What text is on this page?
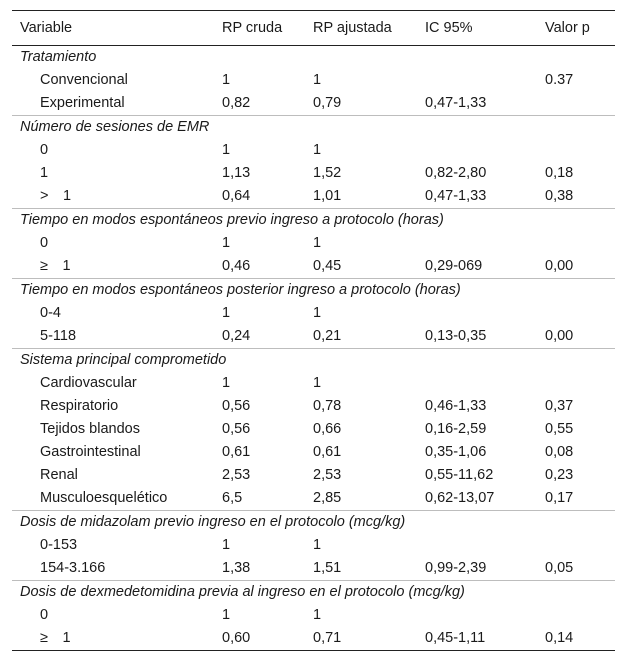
Variable	RP cruda	RP ajustada	IC 95%	Valor p
Tratamiento				
Convencional	1	1		0.37
Experimental	0,82	0,79	0,47-1,33	
Número de sesiones de EMR				
0	1	1		
1	1,13	1,52	0,82-2,80	0,18
> 1	0,64	1,01	0,47-1,33	0,38
Tiempo en modos espontáneos previo ingreso a protocolo (horas)				
0	1	1		
≥ 1	0,46	0,45	0,29-069	0,00
Tiempo en modos espontáneos posterior ingreso a protocolo (horas)				
0-4	1	1		
5-118	0,24	0,21	0,13-0,35	0,00
Sistema principal comprometido				
Cardiovascular	1	1		
Respiratorio	0,56	0,78	0,46-1,33	0,37
Tejidos blandos	0,56	0,66	0,16-2,59	0,55
Gastrointestinal	0,61	0,61	0,35-1,06	0,08
Renal	2,53	2,53	0,55-11,62	0,23
Musculoesquelético	6,5	2,85	0,62-13,07	0,17
Dosis de midazolam previo ingreso en el protocolo (mcg/kg)				
0-153	1	1		
154-3.166	1,38	1,51	0,99-2,39	0,05
Dosis de dexmedetomidina previa al ingreso en el protocolo (mcg/kg)				
0	1	1		
≥ 1	0,60	0,71	0,45-1,11	0,14
